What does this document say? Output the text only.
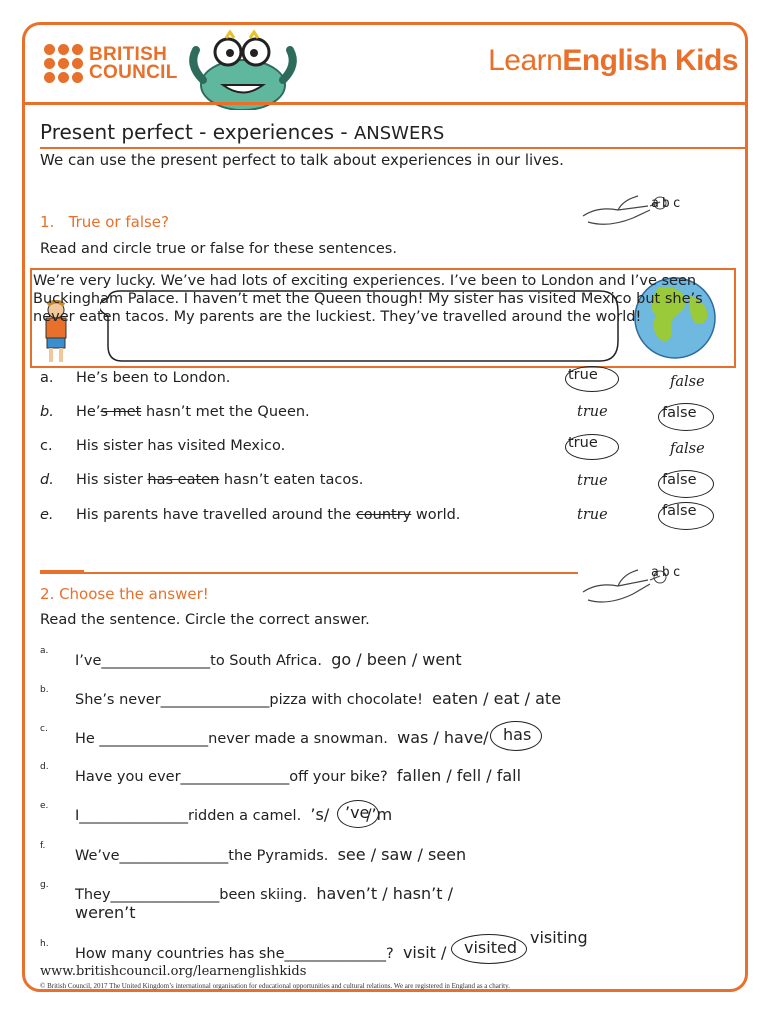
BRITISH
COUNCIL	LearnEnglish Kids
Present perfect - experiences - ANSWERS
We can use the present perfect to talk about experiences in our lives.
1.   True or false?
abc
Read and circle true or false for these sentences.
We’re very lucky. We’ve had lots of exciting experiences. I’ve been to London and I’ve seen Buckingham Palace. I haven’t met the Queen though! My sister has visited Mexico but she’s never eaten tacos. My parents are the luckiest. They’ve travelled around the world!
a. He’s been to London.	true	false
b. He’s met hasn’t met the Queen.	true	false
c. His sister has visited Mexico.	true	false
d. His sister has eaten hasn’t eaten tacos.	true	false
e. His parents have travelled around the country world.	true	false
abc
2. Choose the answer!
Read the sentence. Circle the correct answer.
a.
I’ve_______________to South Africa. go / been / went
b.
She’s never_______________pizza with chocolate! eaten / eat / ate
c.
He _______________never made a snowman. was / have/ has
d.
Have you ever_______________off your bike? fallen / fell / fall
e.
I_______________ridden a camel. ’s/ /’m
’ve
f.
We’ve_______________the Pyramids. see / saw / seen
g.
They_______________been skiing. haven’t / hasn’t /
weren’t
h.
How many countries has she______________? visit / visited
visiting
www.britishcouncil.org/learnenglishkids
© British Council, 2017 The United Kingdom’s international organisation for educational opportunities and cultural relations. We are registered in England as a charity.
